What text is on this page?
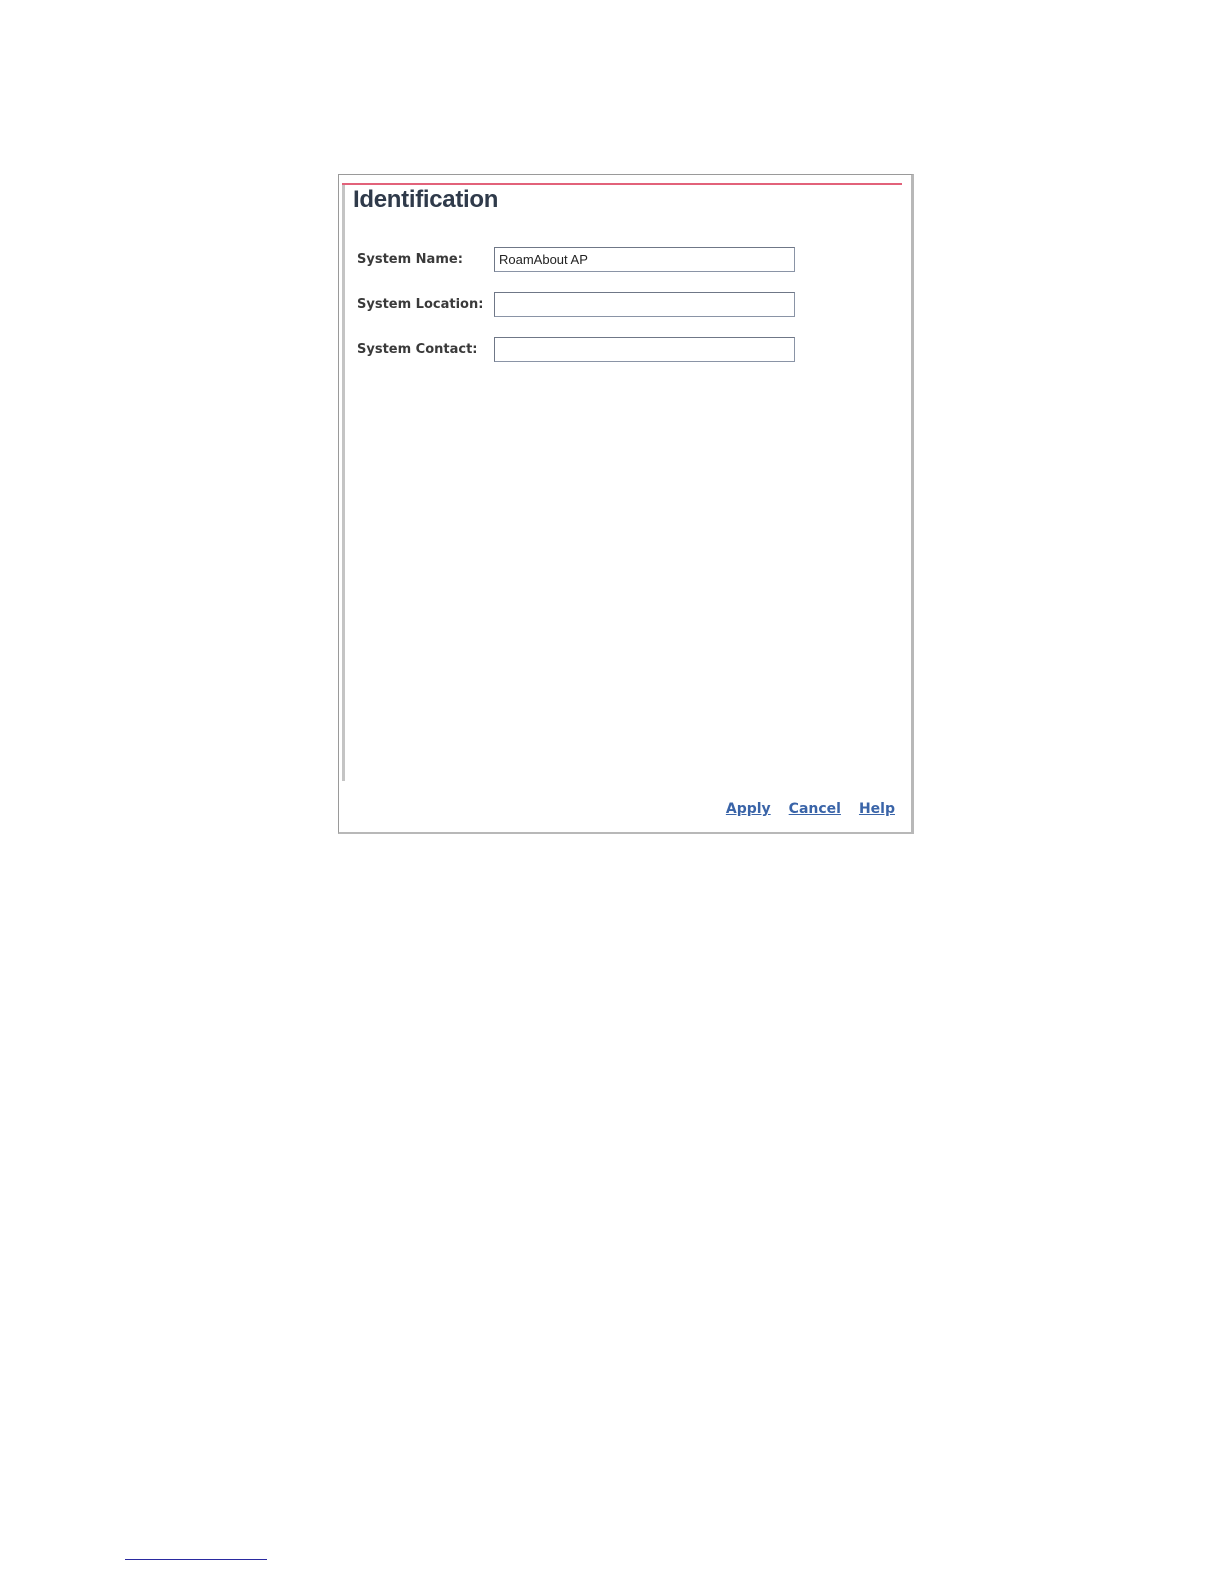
Identification
System Name:
RoamAbout AP
System Location:
System Contact:
Apply Cancel Help
